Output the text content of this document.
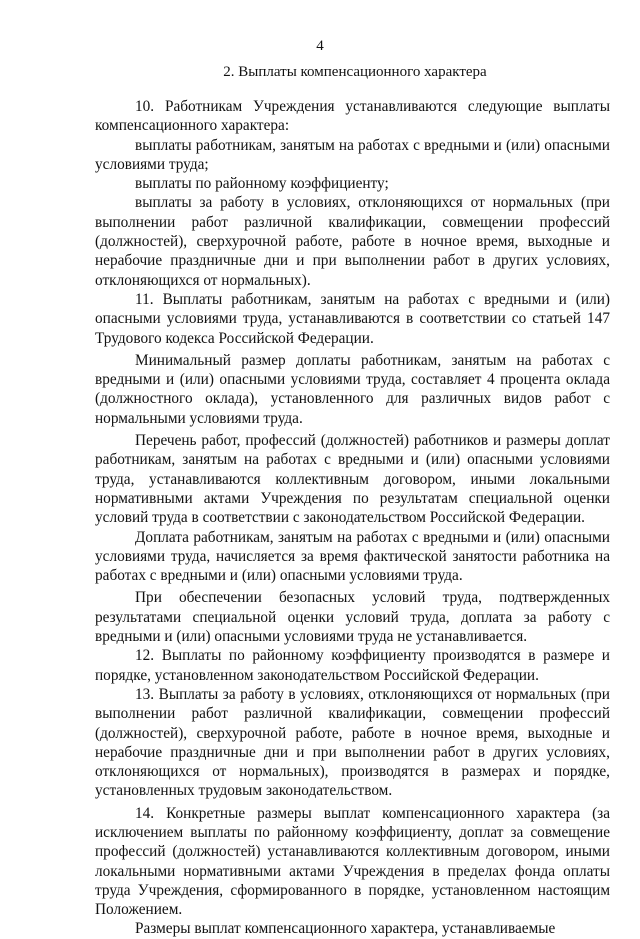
4
2. Выплаты компенсационного характера

10. Работникам Учреждения устанавливаются следующие выплаты компенсационного характера:

выплаты работникам, занятым на работах с вредными и (или) опасными условиями труда;

выплаты по районному коэффициенту;

выплаты за работу в условиях, отклоняющихся от нормальных (при выполнении работ различной квалификации, совмещении профессий (должностей), сверхурочной работе, работе в ночное время, выходные и нерабочие праздничные дни и при выполнении работ в других условиях, отклоняющихся от нормальных).

11. Выплаты работникам, занятым на работах с вредными и (или) опасными условиями труда, устанавливаются в соответствии со статьей 147 Трудового кодекса Российской Федерации.

Минимальный размер доплаты работникам, занятым на работах с вредными и (или) опасными условиями труда, составляет 4 процента оклада (должностного оклада), установленного для различных видов работ с нормальными условиями труда.

Перечень работ, профессий (должностей) работников и размеры доплат работникам, занятым на работах с вредными и (или) опасными условиями труда, устанавливаются коллективным договором, иными локальными нормативными актами Учреждения по результатам специальной оценки условий труда в соответствии с законодательством Российской Федерации.

Доплата работникам, занятым на работах с вредными и (или) опасными условиями труда, начисляется за время фактической занятости работника на работах с вредными и (или) опасными условиями труда.

При обеспечении безопасных условий труда, подтвержденных результатами специальной оценки условий труда, доплата за работу с вредными и (или) опасными условиями труда не устанавливается.

12. Выплаты по районному коэффициенту производятся в размере и порядке, установленном законодательством Российской Федерации.

13. Выплаты за работу в условиях, отклоняющихся от нормальных (при выполнении работ различной квалификации, совмещении профессий (должностей), сверхурочной работе, работе в ночное время, выходные и нерабочие праздничные дни и при выполнении работ в других условиях, отклоняющихся от нормальных), производятся в размерах и порядке, установленных трудовым законодательством.

14. Конкретные размеры выплат компенсационного характера (за исключением выплаты по районному коэффициенту, доплат за совмещение профессий (должностей) устанавливаются коллективным договором, иными локальными нормативными актами Учреждения в пределах фонда оплаты труда Учреждения, сформированного в порядке, установленном настоящим Положением.

Размеры выплат компенсационного характера, устанавливаемые
